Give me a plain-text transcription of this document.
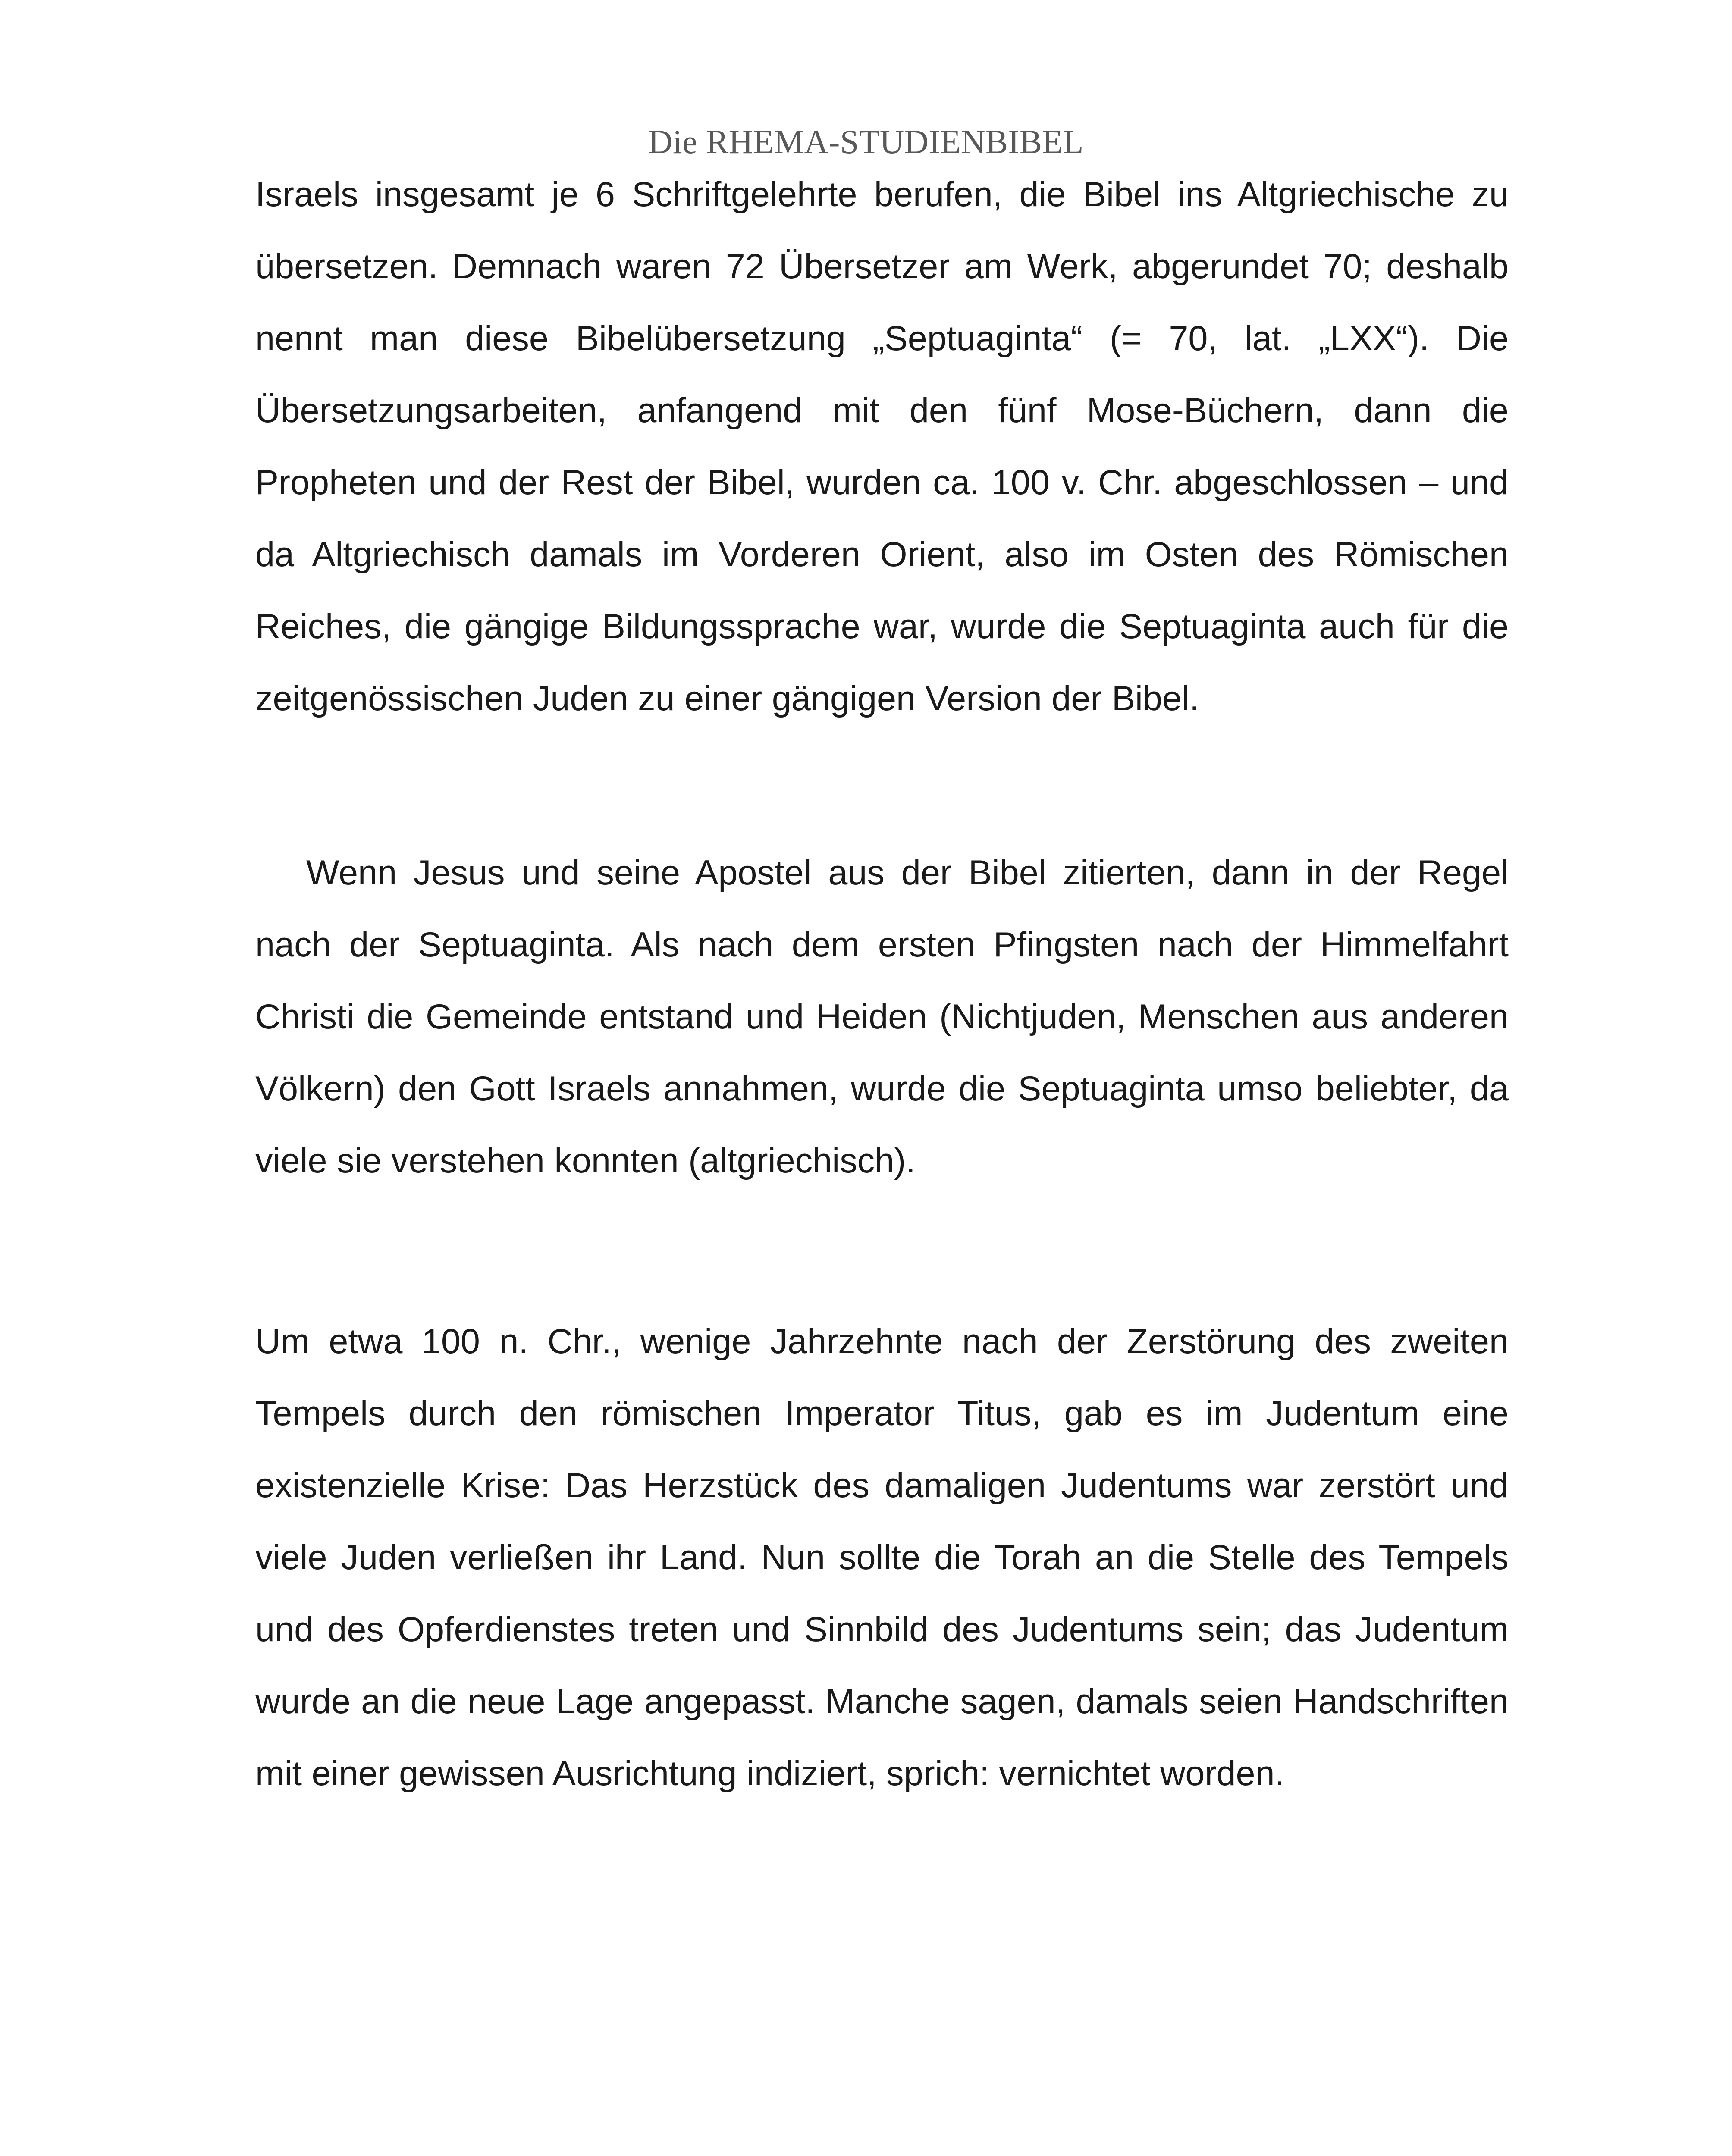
Die RHEMA-STUDIENBIBEL

Israels insgesamt je 6 Schriftgelehrte berufen, die Bibel ins Altgriechische zu übersetzen. Demnach waren 72 Übersetzer am Werk, abgerundet 70; deshalb nennt man diese Bibelübersetzung „Septuaginta“ (= 70, lat. „LXX“). Die Übersetzungsarbeiten, anfangend mit den fünf Mose-Büchern, dann die Propheten und der Rest der Bibel, wurden ca. 100 v. Chr. abgeschlossen – und da Altgriechisch damals im Vorderen Orient, also im Osten des Römischen Reiches, die gängige Bildungssprache war, wurde die Septuaginta auch für die zeitgenössischen Juden zu einer gängigen Version der Bibel.

Wenn Jesus und seine Apostel aus der Bibel zitierten, dann in der Regel nach der Septuaginta. Als nach dem ersten Pfingsten nach der Himmelfahrt Christi die Gemeinde entstand und Heiden (Nichtjuden, Menschen aus anderen Völkern) den Gott Israels annahmen, wurde die Septuaginta umso beliebter, da viele sie verstehen konnten (altgriechisch).

Um etwa 100 n. Chr., wenige Jahrzehnte nach der Zerstörung des zweiten Tempels durch den römischen Imperator Titus, gab es im Judentum eine existenzielle Krise: Das Herzstück des damaligen Judentums war zerstört und viele Juden verließen ihr Land. Nun sollte die Torah an die Stelle des Tempels und des Opferdienstes treten und Sinnbild des Judentums sein; das Judentum wurde an die neue Lage angepasst. Manche sagen, damals seien Handschriften mit einer gewissen Ausrichtung indiziert, sprich: vernichtet worden.
